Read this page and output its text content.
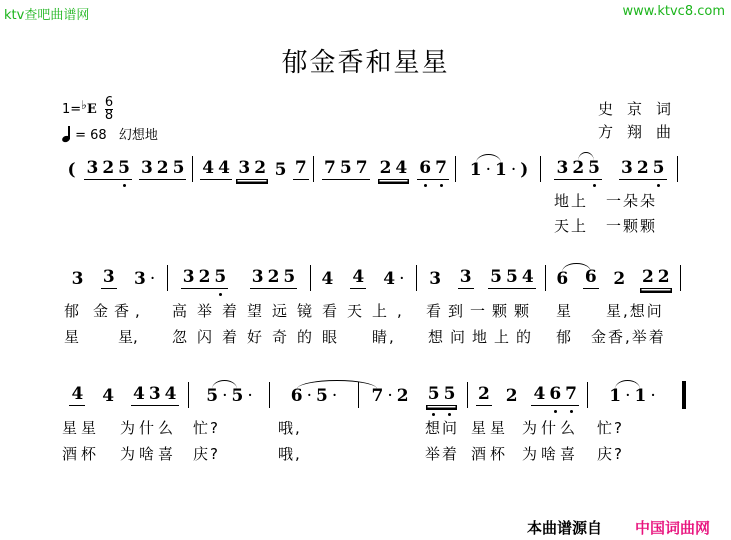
ktv查吧曲谱网	www.ktvc8.com
郁金香和星星
1=♭E $\frac{6}{8}$
= 68 幻想地
史京词
方翔曲
( 3 2 5 3 2 5 4 4 3 2 5 7 7 5 7 2 4 6 7 1 · 1 · ) 3 2 5 3 2 5
地上 一朵朵
天上 一颗颗
3 3 3 · 3 2 5 3 2 5 4 4 4 · 3 3 5 5 4 6 6 2 2 2
郁 金香, 高举着望远镜看天上, 看到一颗颗 星 星,想问
星	星, 忽闪着好奇的眼 睛, 想问地上的 郁 金香,举着
4 4 4 3 4 5 · 5 · 6 · 5 · 7 · 2 5 5 2 2 4 6 7 1 · 1 ·
星星 为什么 忙?	哦,	想问 星星 为什么 忙?
酒杯 为啥喜 庆?	哦,	举着 酒杯 为啥喜 庆?
本曲谱源自 中国词曲网
